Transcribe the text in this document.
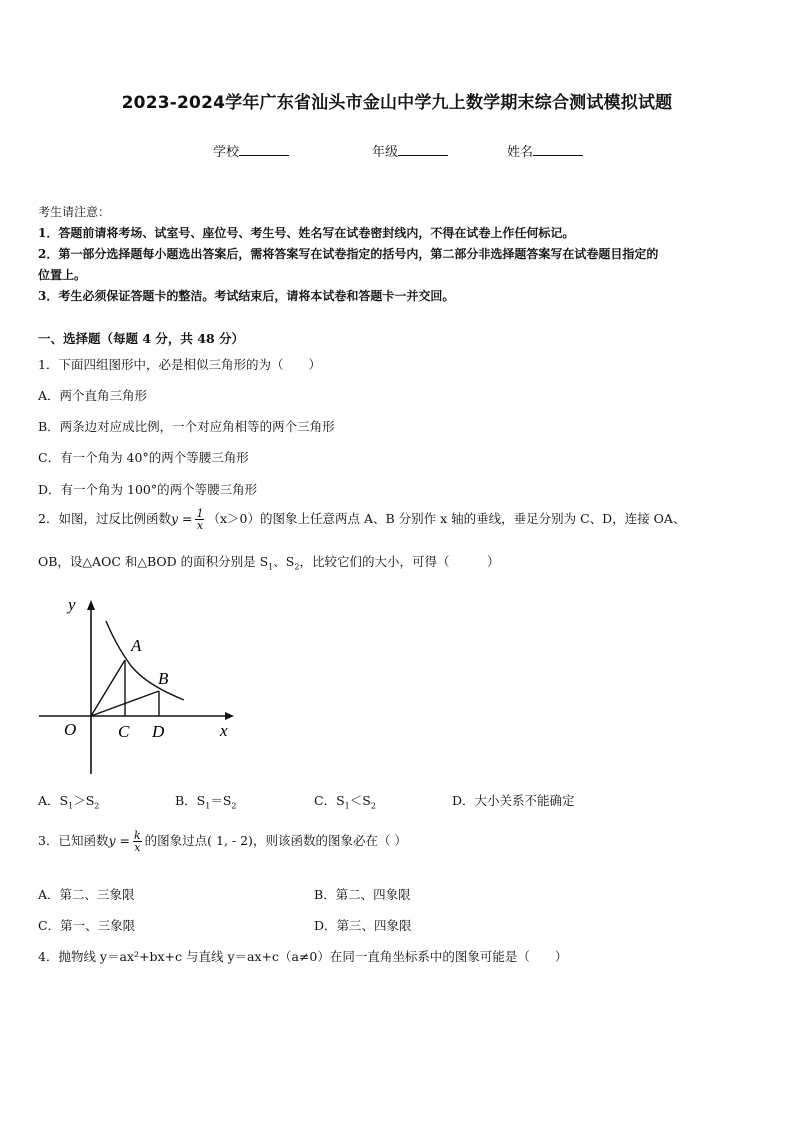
2023-2024学年广东省汕头市金山中学九上数学期末综合测试模拟试题
学校	年级	姓名
考生请注意：
1．答题前请将考场、试室号、座位号、考生号、姓名写在试卷密封线内，不得在试卷上作任何标记。
2．第一部分选择题每小题选出答案后，需将答案写在试卷指定的括号内，第二部分非选择题答案写在试卷题目指定的
位置上。
3．考生必须保证答题卡的整洁。考试结束后，请将本试卷和答题卡一并交回。
一、选择题（每题 4 分，共 48 分）
1．下面四组图形中，必是相似三角形的为（　　）
A．两个直角三角形
B．两条边对应成比例，一个对应角相等的两个三角形
C．有一个角为 40°的两个等腰三角形
D．有一个角为 100°的两个等腰三角形
2．如图，过反比例函数$y = \frac{1}{x} (x>0)$的图象上任意两点 A、B 分别作 x 轴的垂线，垂足分别为 C、D，连接 OA、
OB，设△AOC 和△BOD 的面积分别是 $S_1$、$S_2$，比较它们的大小，可得（　　　）
y
x
O
A
B
C D
A．$S_1>S_2$	B．$S_1=S_2$	C．$S_1<S_2$	D．大小关系不能确定
3．已知函数$y = \frac{k}{x}$ 的图象过点( 1, - 2)，则该函数的图象必在（ ）
A．第二、三象限	B．第二、四象限
C．第一、三象限	D．第三、四象限
4．抛物线 y＝ax²+bx+c 与直线 y＝ax+c（a≠0）在同一直角坐标系中的图象可能是（　　）
